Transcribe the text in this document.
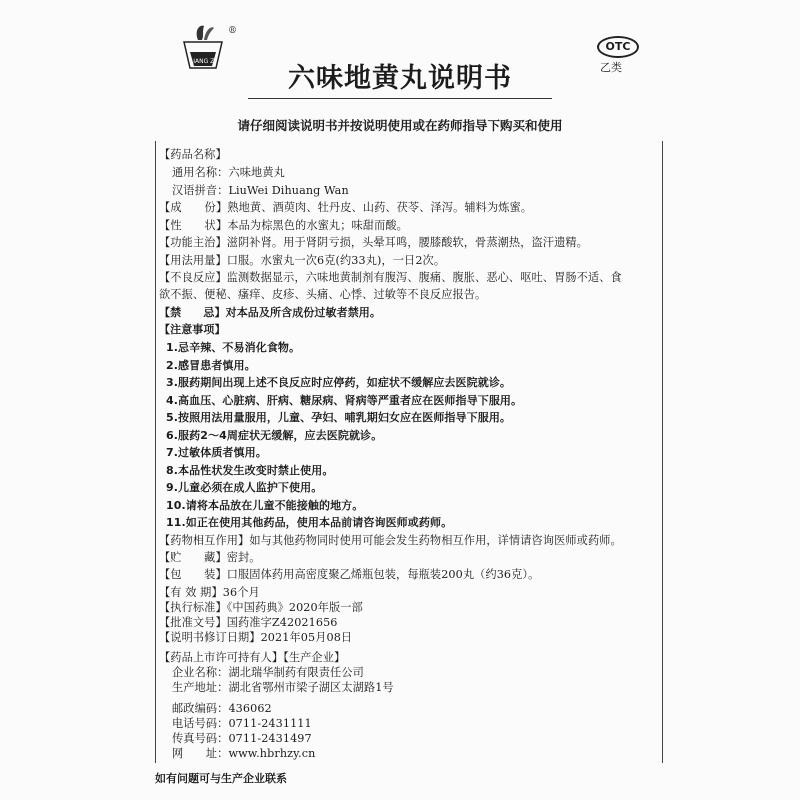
LIANG ZI
®
OTC
乙类
六味地黄丸说明书
请仔细阅读说明书并按说明使用或在药师指导下购买和使用
【药品名称】
通用名称：六味地黄丸
汉语拼音：LiuWei Dihuang Wan
【成　　份】熟地黄、酒萸肉、牡丹皮、山药、茯苓、泽泻。辅料为炼蜜。
【性　　状】本品为棕黑色的水蜜丸；味甜而酸。
【功能主治】滋阴补肾。用于肾阴亏损，头晕耳鸣，腰膝酸软，骨蒸潮热，盗汗遗精。
【用法用量】口服。水蜜丸一次6克(约33丸)，一日2次。
【不良反应】监测数据显示，六味地黄制剂有腹泻、腹痛、腹胀、恶心、呕吐、胃肠不适、食
欲不振、便秘、瘙痒、皮疹、头痛、心悸、过敏等不良反应报告。
【禁　　忌】对本品及所含成份过敏者禁用。
【注意事项】
1.忌辛辣、不易消化食物。
2.感冒患者慎用。
3.服药期间出现上述不良反应时应停药，如症状不缓解应去医院就诊。
4.高血压、心脏病、肝病、糖尿病、肾病等严重者应在医师指导下服用。
5.按照用法用量服用，儿童、孕妇、哺乳期妇女应在医师指导下服用。
6.服药2～4周症状无缓解，应去医院就诊。
7.过敏体质者慎用。
8.本品性状发生改变时禁止使用。
9.儿童必须在成人监护下使用。
10.请将本品放在儿童不能接触的地方。
11.如正在使用其他药品，使用本品前请咨询医师或药师。
【药物相互作用】如与其他药物同时使用可能会发生药物相互作用，详情请咨询医师或药师。
【贮　　藏】密封。
【包　　装】口服固体药用高密度聚乙烯瓶包装，每瓶装200丸（约36克）。
【有 效 期】36个月
【执行标准】《中国药典》2020年版一部
【批准文号】国药准字Z42021656
【说明书修订日期】2021年05月08日
【药品上市许可持有人】【生产企业】
企业名称：湖北瑞华制药有限责任公司
生产地址：湖北省鄂州市梁子湖区太湖路1号
邮政编码：436062
电话号码：0711-2431111
传真号码：0711-2431497
网　　址：www.hbrhzy.cn
如有问题可与生产企业联系
